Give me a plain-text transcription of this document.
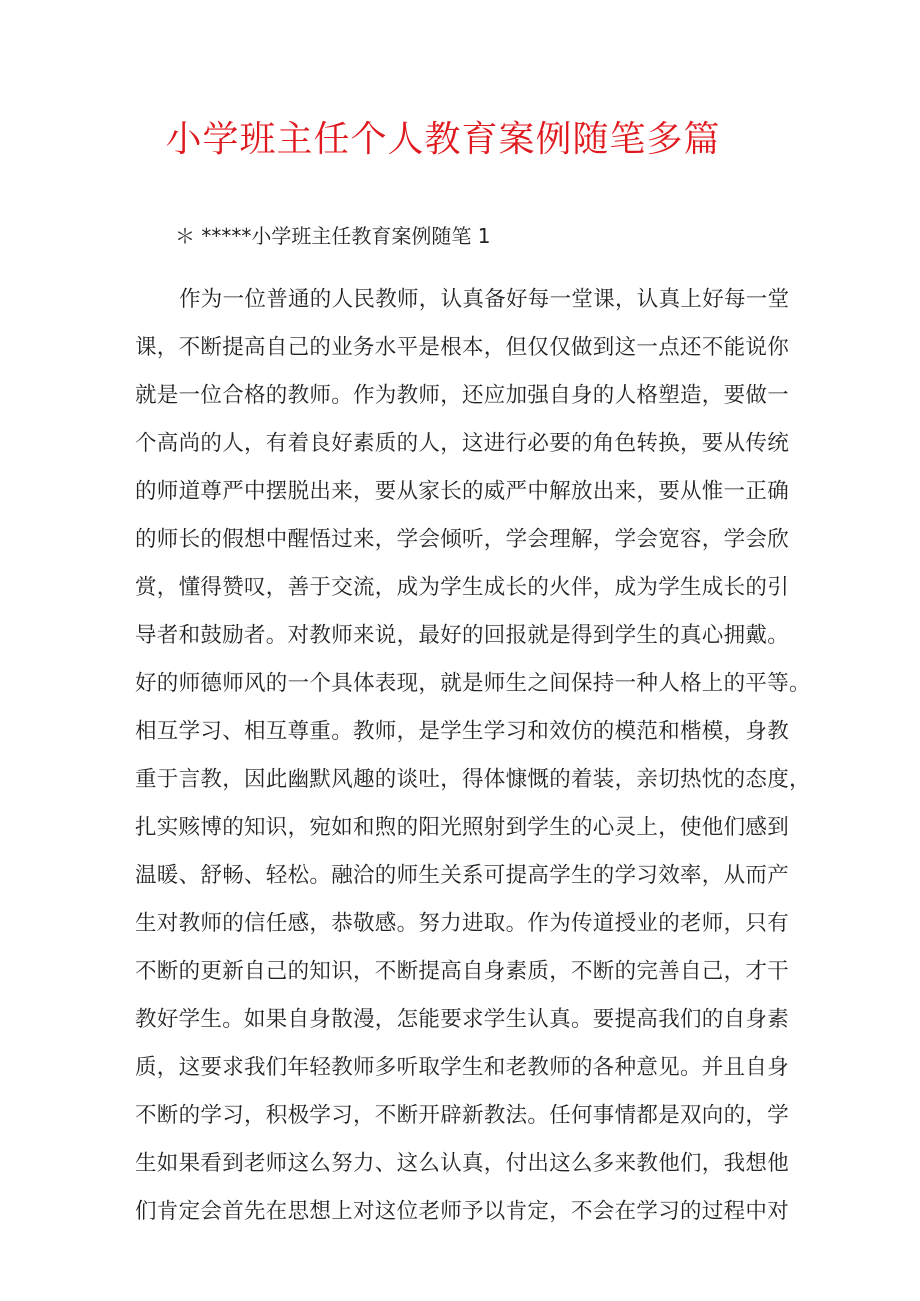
小学班主任个人教育案例随笔多篇
＊ *****小学班主任教育案例随笔 1
作为一位普通的人民教师，认真备好每一堂课，认真上好每一堂
课，不断提高自己的业务水平是根本，但仅仅做到这一点还不能说你
就是一位合格的教师。作为教师，还应加强自身的人格塑造，要做一
个高尚的人，有着良好素质的人，这进行必要的角色转换，要从传统
的师道尊严中摆脱出来，要从家长的威严中解放出来，要从惟一正确
的师长的假想中醒悟过来，学会倾听，学会理解，学会宽容，学会欣
赏，懂得赞叹，善于交流，成为学生成长的火伴，成为学生成长的引
导者和鼓励者。对教师来说，最好的回报就是得到学生的真心拥戴。
好的师德师风的一个具体表现，就是师生之间保持一种人格上的平等。
相互学习、相互尊重。教师，是学生学习和效仿的模范和楷模，身教
重于言教，因此幽默风趣的谈吐，得体慷慨的着装，亲切热忱的态度，
扎实赅博的知识，宛如和煦的阳光照射到学生的心灵上，使他们感到
温暖、舒畅、轻松。融洽的师生关系可提高学生的学习效率，从而产
生对教师的信任感，恭敬感。努力进取。作为传道授业的老师，只有
不断的更新自己的知识，不断提高自身素质，不断的完善自己，才干
教好学生。如果自身散漫，怎能要求学生认真。要提高我们的自身素
质，这要求我们年轻教师多听取学生和老教师的各种意见。并且自身
不断的学习，积极学习，不断开辟新教法。任何事情都是双向的，学
生如果看到老师这么努力、这么认真，付出这么多来教他们，我想他
们肯定会首先在思想上对这位老师予以肯定，不会在学习的过程中对
